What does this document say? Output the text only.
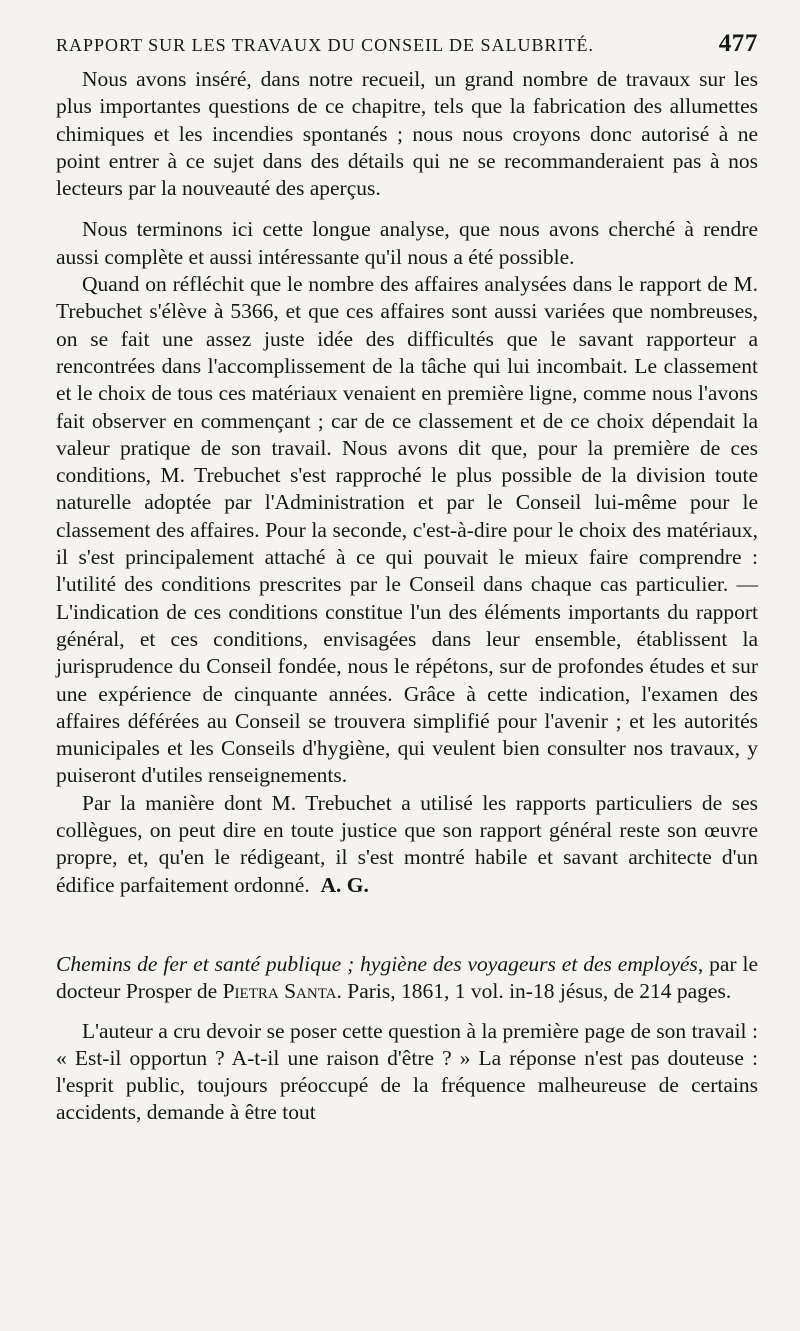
RAPPORT SUR LES TRAVAUX DU CONSEIL DE SALUBRITÉ.	477

Nous avons inséré, dans notre recueil, un grand nombre de travaux sur les plus importantes questions de ce chapitre, tels que la fabrication des allumettes chimiques et les incendies spontanés ; nous nous croyons donc autorisé à ne point entrer à ce sujet dans des détails qui ne se recommanderaient pas à nos lecteurs par la nouveauté des aperçus.

Nous terminons ici cette longue analyse, que nous avons cherché à rendre aussi complète et aussi intéressante qu'il nous a été possible.

Quand on réfléchit que le nombre des affaires analysées dans le rapport de M. Trebuchet s'élève à 5366, et que ces affaires sont aussi variées que nombreuses, on se fait une assez juste idée des difficultés que le savant rapporteur a rencontrées dans l'accomplissement de la tâche qui lui incombait. Le classement et le choix de tous ces matériaux venaient en première ligne, comme nous l'avons fait observer en commençant ; car de ce classement et de ce choix dépendait la valeur pratique de son travail. Nous avons dit que, pour la première de ces conditions, M. Trebuchet s'est rapproché le plus possible de la division toute naturelle adoptée par l'Administration et par le Conseil lui-même pour le classement des affaires. Pour la seconde, c'est-à-dire pour le choix des matériaux, il s'est principalement attaché à ce qui pouvait le mieux faire comprendre : l'utilité des conditions prescrites par le Conseil dans chaque cas particulier. — L'indication de ces conditions constitue l'un des éléments importants du rapport général, et ces conditions, envisagées dans leur ensemble, établissent la jurisprudence du Conseil fondée, nous le répétons, sur de profondes études et sur une expérience de cinquante années. Grâce à cette indication, l'examen des affaires déférées au Conseil se trouvera simplifié pour l'avenir ; et les autorités municipales et les Conseils d'hygiène, qui veulent bien consulter nos travaux, y puiseront d'utiles renseignements.

Par la manière dont M. Trebuchet a utilisé les rapports particuliers de ses collègues, on peut dire en toute justice que son rapport général reste son œuvre propre, et, qu'en le rédigeant, il s'est montré habile et savant architecte d'un édifice parfaitement ordonné. A. G.

Chemins de fer et santé publique ; hygiène des voyageurs et des employés, par le docteur Prosper de Pietra Santa. Paris, 1861, 1 vol. in-18 jésus, de 214 pages.

L'auteur a cru devoir se poser cette question à la première page de son travail : « Est-il opportun ? A-t-il une raison d'être ? » La réponse n'est pas douteuse : l'esprit public, toujours préoccupé de la fréquence malheureuse de certains accidents, demande à être tout
